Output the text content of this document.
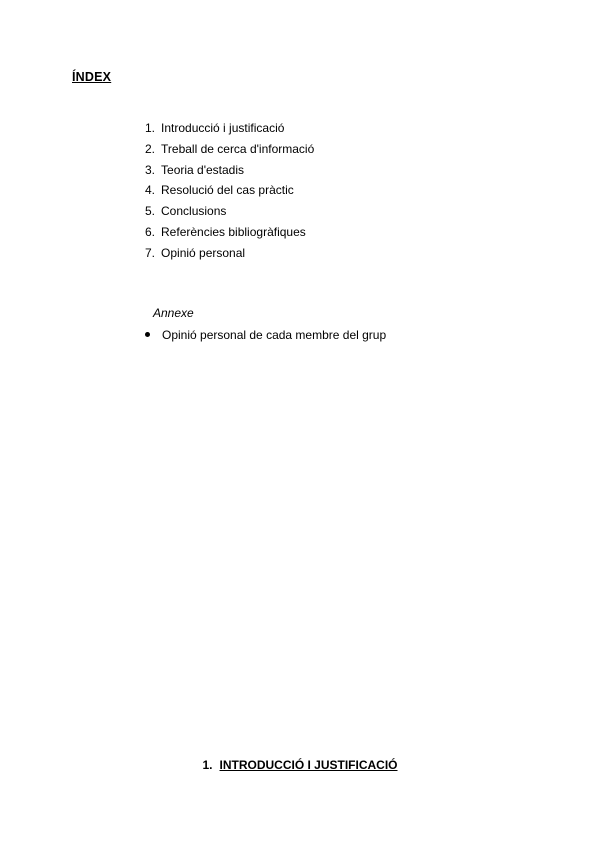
ÍNDEX
1. Introducció i justificació
2. Treball de cerca d'informació
3. Teoria d'estadis
4. Resolució del cas pràctic
5. Conclusions
6. Referències bibliogràfiques
7. Opinió personal
Annexe
Opinió personal de cada membre del grup
1. INTRODUCCIÓ I JUSTIFICACIÓ
